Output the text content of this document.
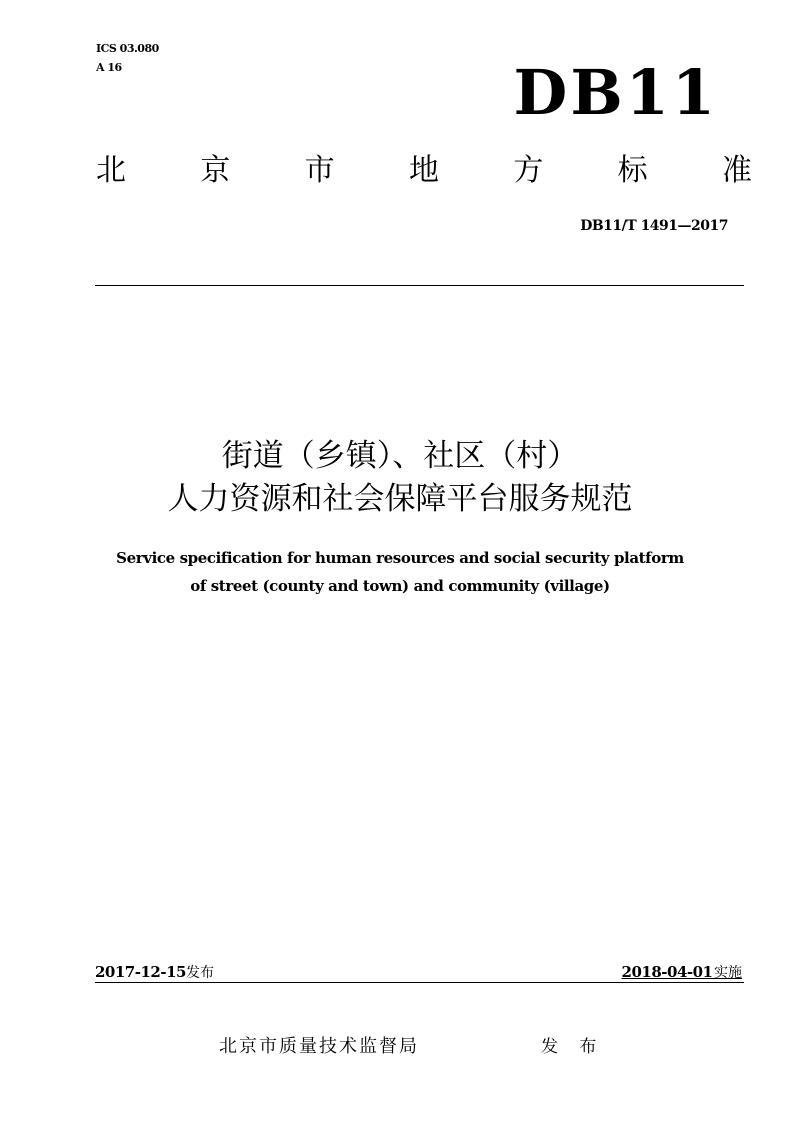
ICS 03.080
A 16	DB11
北 京 市 地 方 标 准
DB11/T 1491—2017
街道（乡镇）、社区（村）
人力资源和社会保障平台服务规范
Service specification for human resources and social security platform
of street (county and town) and community (village)
2017-12-15发布	2018-04-01  实施
北京市质量技术监督局	发 布
